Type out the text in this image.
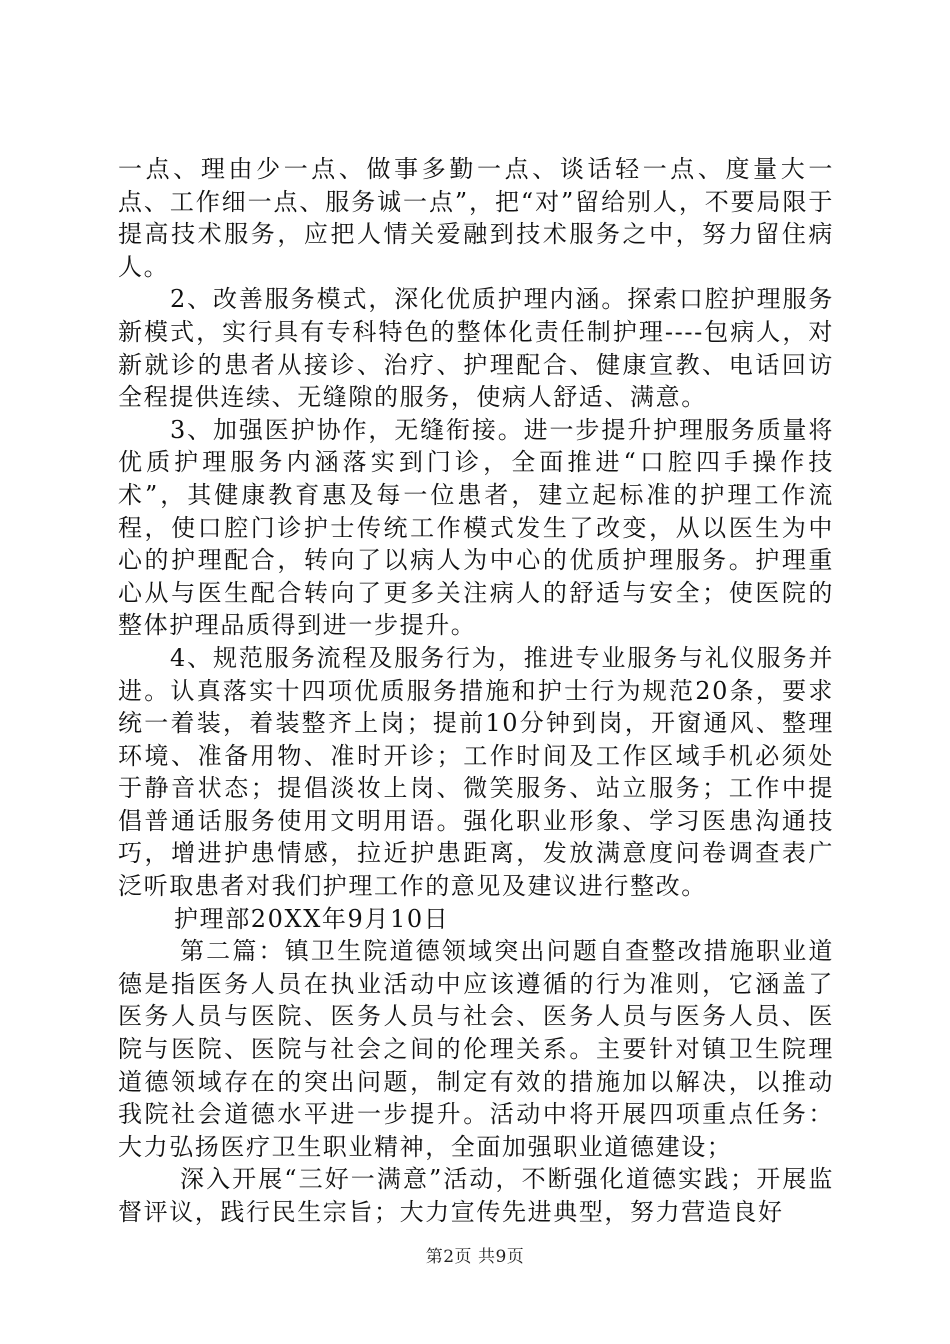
一点、理由少一点、做事多勤一点、谈话轻一点、度量大一点、工作细一点、服务诚一点”，把“对”留给别人，不要局限于提高技术服务，应把人情关爱融到技术服务之中，努力留住病人。

2、改善服务模式，深化优质护理内涵。探索口腔护理服务新模式，实行具有专科特色的整体化责任制护理----包病人，对新就诊的患者从接诊、治疗、护理配合、健康宣教、电话回访全程提供连续、无缝隙的服务，使病人舒适、满意。

3、加强医护协作，无缝衔接。进一步提升护理服务质量将优质护理服务内涵落实到门诊，全面推进“口腔四手操作技术”，其健康教育惠及每一位患者，建立起标准的护理工作流程，使口腔门诊护士传统工作模式发生了改变，从以医生为中心的护理配合，转向了以病人为中心的优质护理服务。护理重心从与医生配合转向了更多关注病人的舒适与安全；使医院的整体护理品质得到进一步提升。

4、规范服务流程及服务行为，推进专业服务与礼仪服务并进。认真落实十四项优质服务措施和护士行为规范20条，要求统一着装，着装整齐上岗；提前10分钟到岗，开窗通风、整理环境、准备用物、准时开诊；工作时间及工作区域手机必须处于静音状态；提倡淡妆上岗、微笑服务、站立服务；工作中提倡普通话服务使用文明用语。强化职业形象、学习医患沟通技巧，增进护患情感，拉近护患距离，发放满意度问卷调查表广泛听取患者对我们护理工作的意见及建议进行整改。

护理部20XX年9月10日

第二篇：镇卫生院道德领域突出问题自查整改措施职业道德是指医务人员在执业活动中应该遵循的行为准则，它涵盖了医务人员与医院、医务人员与社会、医务人员与医务人员、医院与医院、医院与社会之间的伦理关系。主要针对镇卫生院理道德领域存在的突出问题，制定有效的措施加以解决，以推动我院社会道德水平进一步提升。活动中将开展四项重点任务：大力弘扬医疗卫生职业精神，全面加强职业道德建设；

深入开展“三好一满意”活动，不断强化道德实践；开展监督评议，践行民生宗旨；大力宣传先进典型，努力营造良好

第2页 共9页
